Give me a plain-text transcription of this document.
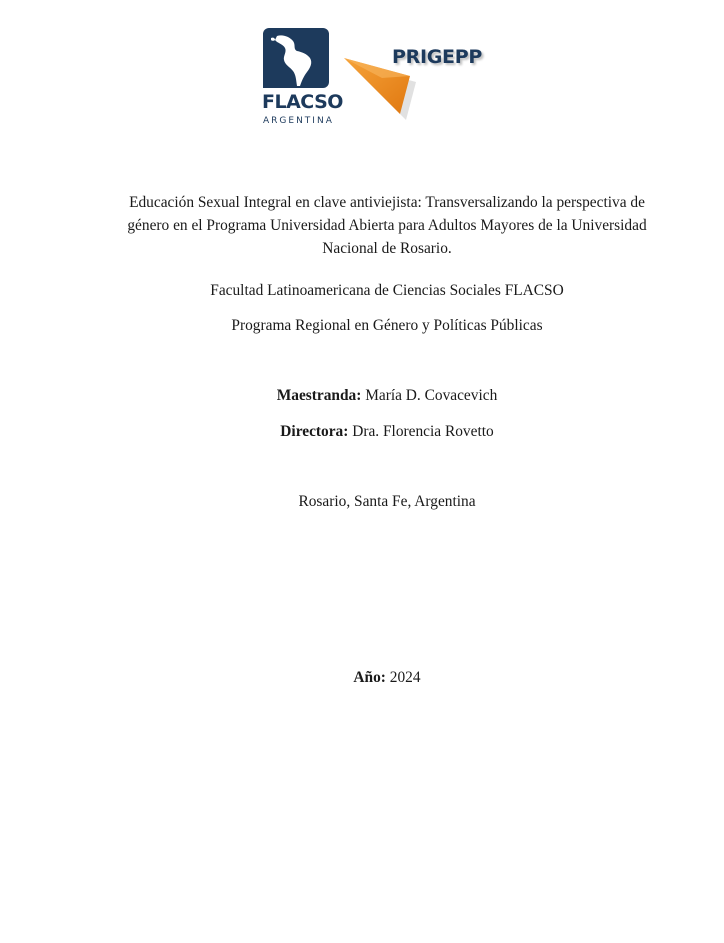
FLACSO
ARGENTINA
PRIGEPP
Educación Sexual Integral en clave antiviejista: Transversalizando la perspectiva de
género en el Programa Universidad Abierta para Adultos Mayores de la Universidad
Nacional de Rosario.
Facultad Latinoamericana de Ciencias Sociales FLACSO
Programa Regional en Género y Políticas Públicas
Maestranda: María D. Covacevich
Directora: Dra. Florencia Rovetto
Rosario, Santa Fe, Argentina
Año: 2024
